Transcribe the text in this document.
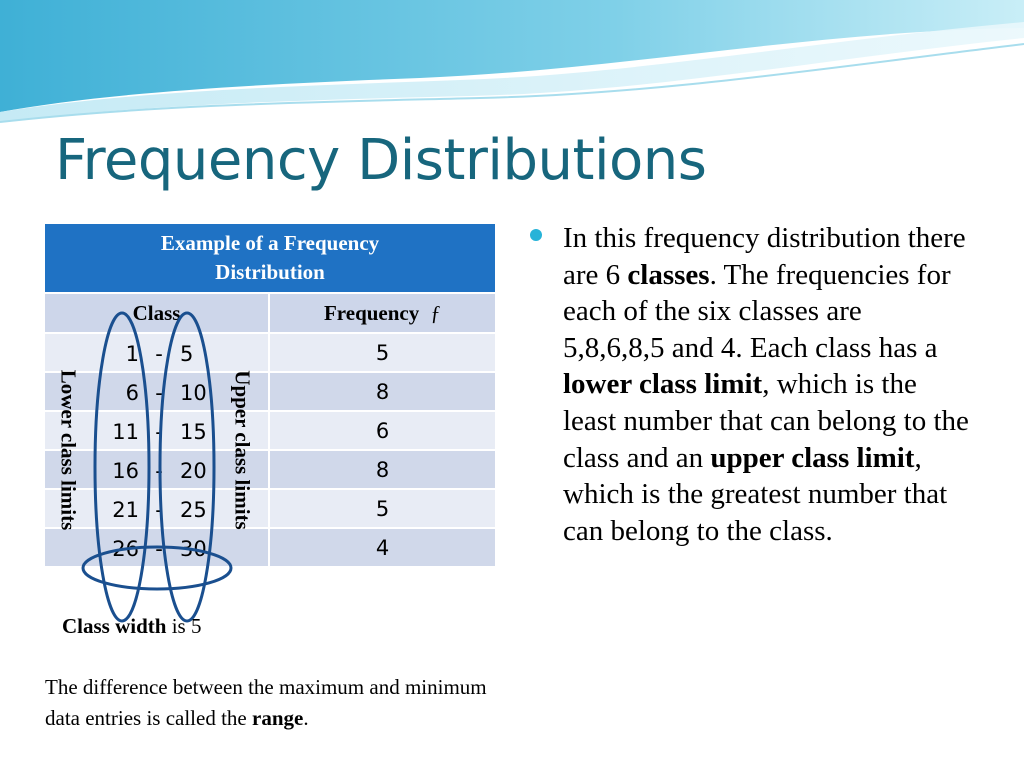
Frequency Distributions
Example of a Frequency
Distribution	
Class	Frequency ƒ

1 - 5	5

6 - 10	8

11 - 15	6

16 - 20	8

21 - 25	5

26 - 30	4
Lower class limits	Upper class limits
Class width is 5
The difference between the maximum and minimum data entries is called the range.

In this frequency distribution there are 6 classes. The frequencies for each of the six classes are 5,8,6,8,5 and 4. Each class has a lower class limit, which is the least number that can belong to the class and an upper class limit, which is the greatest number that can belong to the class.
